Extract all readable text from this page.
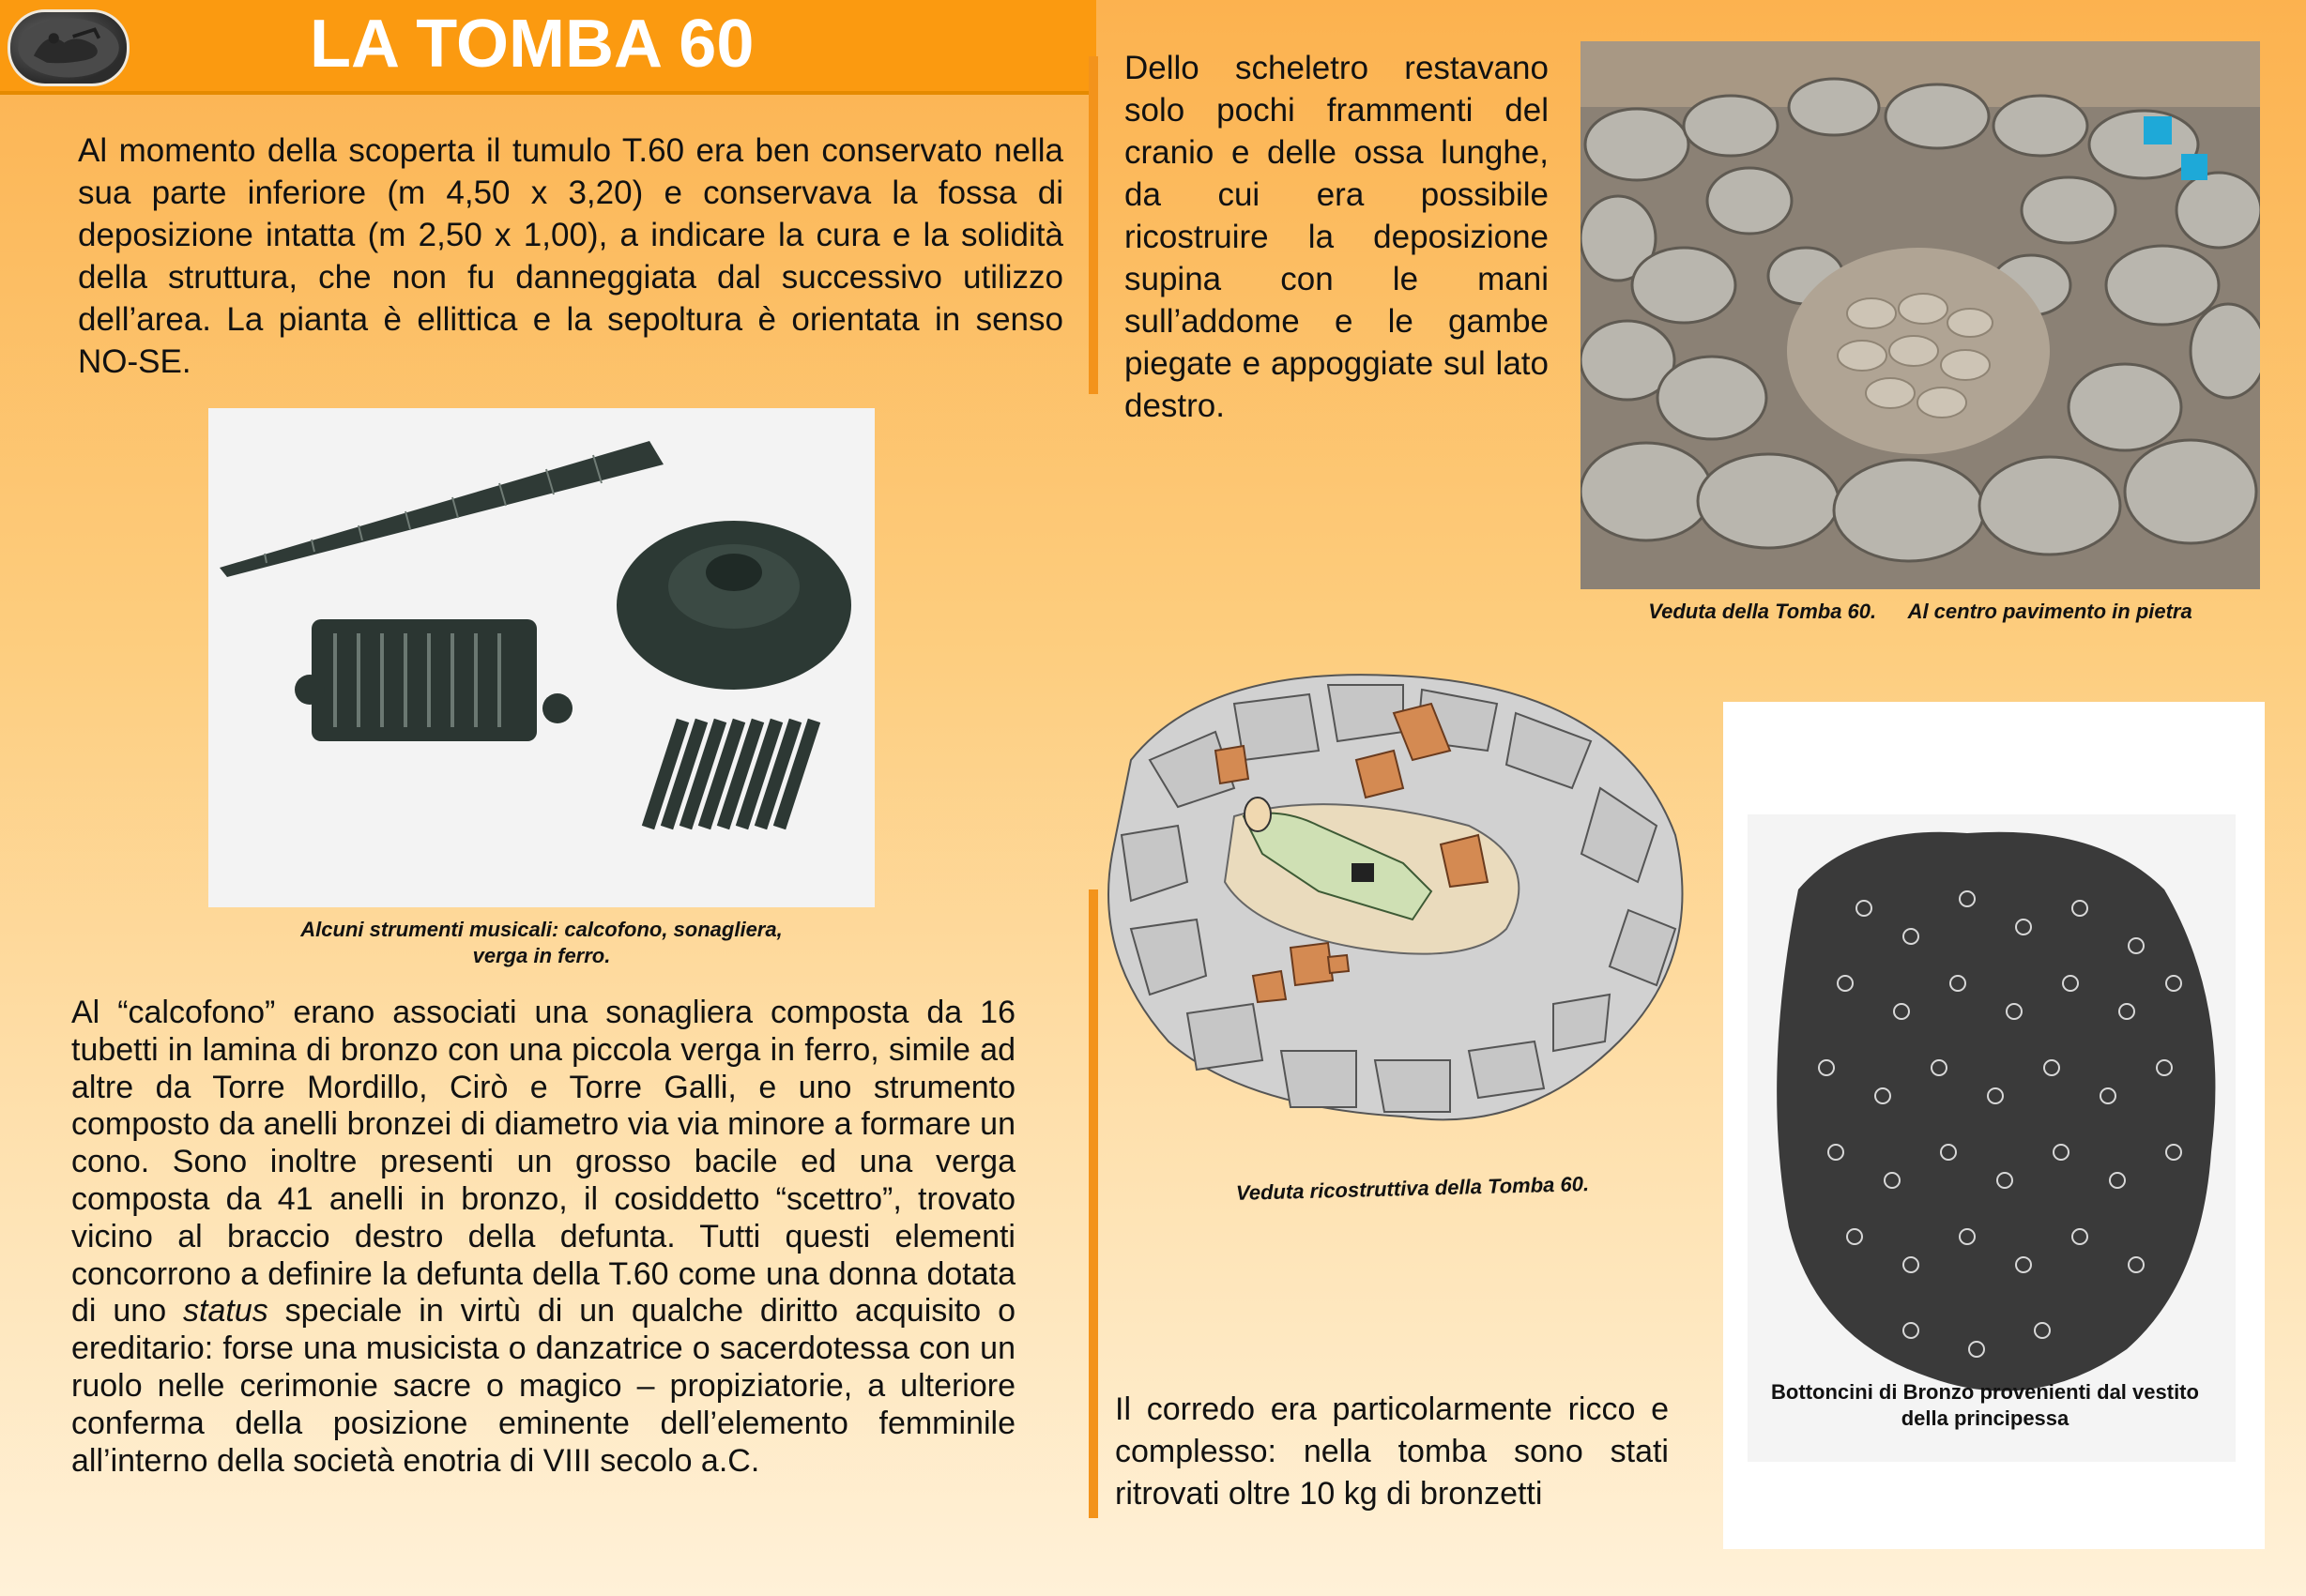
LA TOMBA 60
Al momento della scoperta il tumulo T.60 era ben conservato nella sua parte inferiore (m 4,50 x 3,20) e conservava la fossa di deposizione intatta (m 2,50 x 1,00), a indicare la cura e la solidità della struttura, che non fu danneggiata dal successivo utilizzo dell’area. La pianta è ellittica e la sepoltura è orientata in senso NO-SE.
Dello scheletro restavano solo pochi frammenti del cranio e delle ossa lunghe, da cui era possibile ricostruire la deposizione supina con le mani sull’addome e le gambe piegate e appoggiate sul lato destro.
Veduta della Tomba 60. Al centro pavimento in pietra
Alcuni strumenti musicali: calcofono, sonagliera,
verga in ferro.
Al “calcofono” erano associati una sonagliera composta da 16 tubetti in lamina di bronzo con una piccola verga in ferro, simile ad altre da Torre Mordillo, Cirò e Torre Galli, e uno strumento composto da anelli bronzei di diametro via via minore a formare un cono. Sono inoltre presenti un grosso bacile ed una verga composta da 41 anelli in bronzo, il cosiddetto “scettro”, trovato vicino al braccio destro della defunta. Tutti questi elementi concorrono a definire la defunta della T.60 come una donna dotata di uno status speciale in virtù di un qualche diritto acquisito o ereditario: forse una musicista o danzatrice o sacerdotessa con un ruolo nelle cerimonie sacre o magico – propiziatorie, a ulteriore conferma della posizione eminente dell’elemento femminile all’interno della società enotria di VIII secolo a.C.
Veduta ricostruttiva della Tomba 60.
Il corredo era particolarmente ricco e complesso: nella tomba sono stati ritrovati oltre 10 kg di bronzetti
Bottoncini di Bronzo provenienti dal vestito
della principessa
